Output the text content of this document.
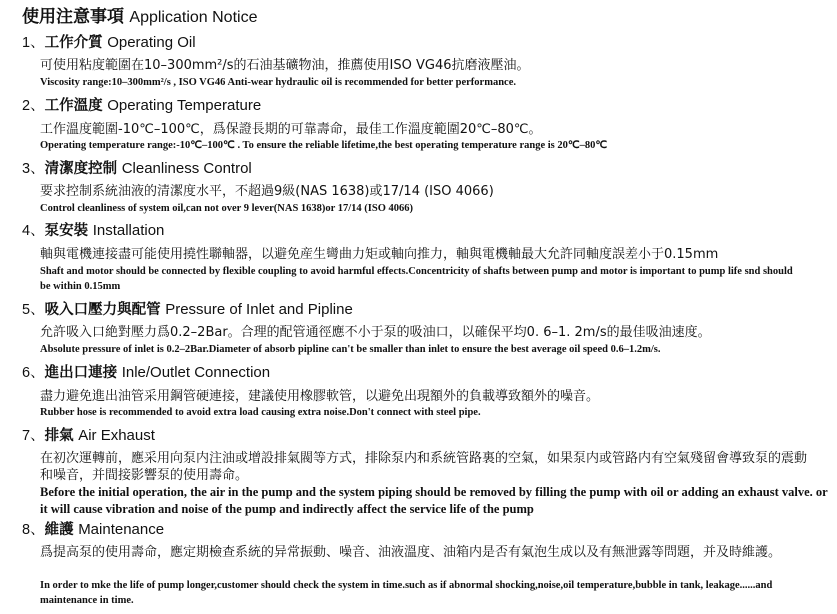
使用注意事項 Application Notice
1、工作介質 Operating Oil
可使用粘度範圍在10–300mm²/s的石油基礦物油，推薦使用ISO VG46抗磨液壓油。
Viscosity range:10–300mm²/s , ISO VG46 Anti-wear hydraulic oil is recommended for better performance.
2、工作溫度 Operating Temperature
工作溫度範圍-10℃–100℃，爲保證長期的可靠壽命，最佳工作溫度範圍20℃–80℃。
Operating temperature range:-10℃–100℃ . To ensure the reliable lifetime,the best operating temperature range is 20℃–80℃
3、清潔度控制 Cleanliness Control
要求控制系統油液的清潔度水平，不超過9級(NAS 1638)或17/14 (ISO 4066)
Control cleanliness of system oil,can not over 9 lever(NAS 1638)or 17/14 (ISO 4066)
4、泵安裝 Installation
軸與電機連接盡可能使用撓性聯軸器，以避免産生彎曲力矩或軸向推力，軸與電機軸最大允許同軸度誤差小于0.15mm
Shaft and motor should be connected by flexible coupling to avoid harmful effects.Concentricity of shafts between pump and motor is important to pump life snd should be within 0.15mm
5、吸入口壓力與配管 Pressure of Inlet and Pipline
允許吸入口絶對壓力爲0.2–2Bar。合理的配管通徑應不小于泵的吸油口，以確保平均0. 6–1. 2m/s的最佳吸油速度。
Absolute pressure of inlet is 0.2–2Bar.Diameter of absorb pipline can't be smaller than inlet to ensure the best average oil speed 0.6–1.2m/s.
6、進出口連接 Inle/Outlet Connection
盡力避免進出油管采用鋼管硬連接，建議使用橡膠軟管，以避免出現額外的負載導致額外的噪音。
Rubber hose is recommended to avoid extra load causing extra noise.Don't connect with steel pipe.
7、排氣 Air Exhaust
在初次運轉前，應采用向泵内注油或增設排氣閥等方式，排除泵内和系統管路裏的空氣，如果泵内或管路内有空氣殘留會導致泵的震動和噪音，并間接影響泵的使用壽命。
Before the initial operation, the air in the pump and the system piping should be removed by filling the pump with oil or adding an exhaust valve. or it will cause vibration and noise of the pump and indirectly affect the service life of the pump
8、維護 Maintenance
爲提高泵的使用壽命，應定期檢查系統的异常振動、噪音、油液溫度、油箱内是否有氣泡生成以及有無泄露等問題，并及時維護。
In order to mke the life of pump longer,customer should check the system in time.such as if abnormal shocking,noise,oil temperature,bubble in tank, leakage......and maintenance in time.
